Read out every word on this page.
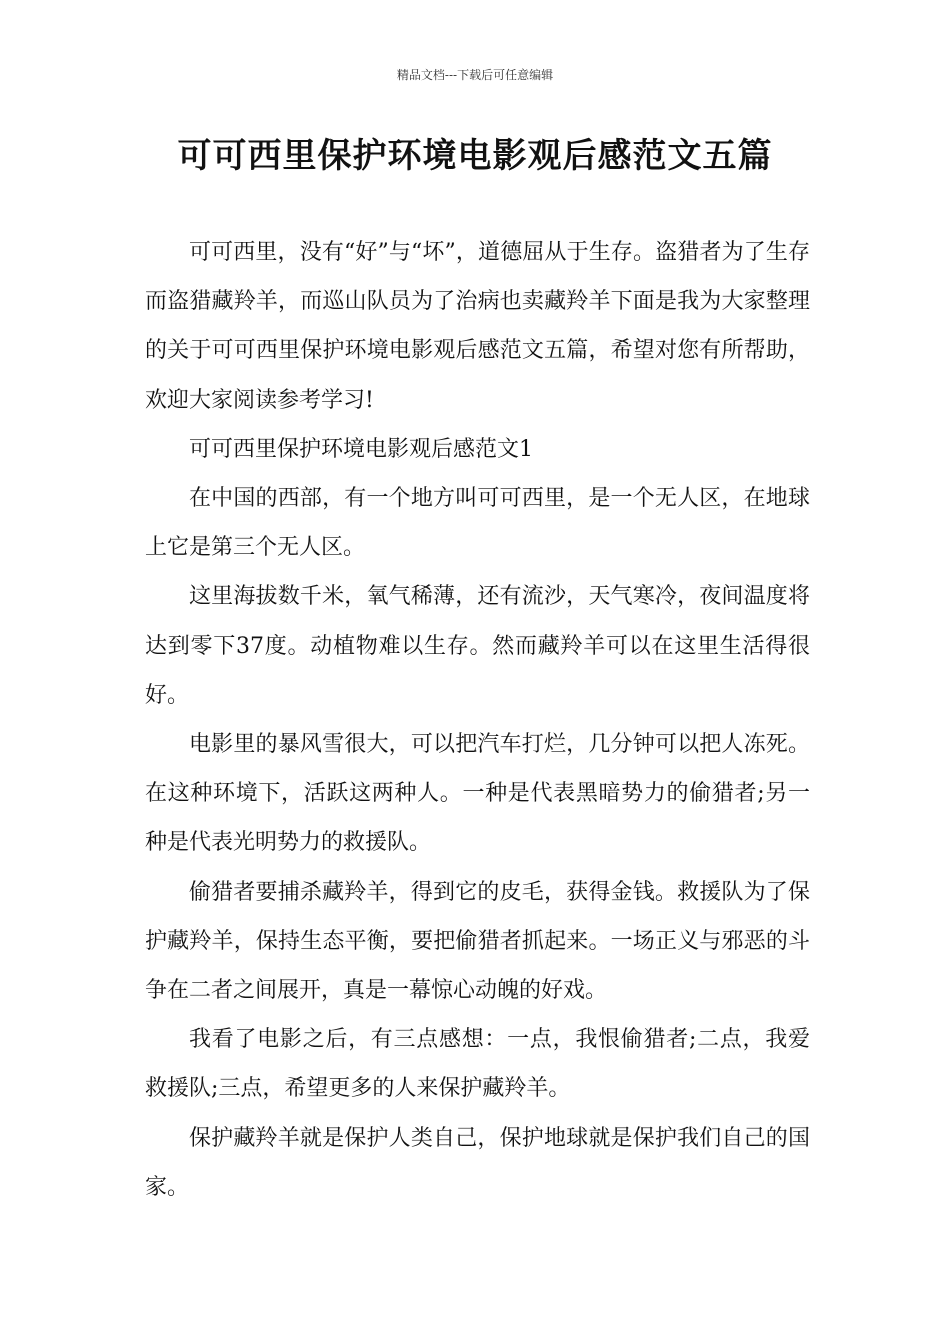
精品文档---下载后可任意编辑
可可西里保护环境电影观后感范文五篇

可可西里，没有“好”与“坏”，道德屈从于生存。盗猎者为了生存而盗猎藏羚羊，而巡山队员为了治病也卖藏羚羊下面是我为大家整理的关于可可西里保护环境电影观后感范文五篇，希望对您有所帮助，欢迎大家阅读参考学习!

可可西里保护环境电影观后感范文1

在中国的西部，有一个地方叫可可西里，是一个无人区，在地球上它是第三个无人区。

这里海拔数千米，氧气稀薄，还有流沙，天气寒冷，夜间温度将达到零下37度。动植物难以生存。然而藏羚羊可以在这里生活得很好。

电影里的暴风雪很大，可以把汽车打烂，几分钟可以把人冻死。在这种环境下，活跃这两种人。一种是代表黑暗势力的偷猎者;另一种是代表光明势力的救援队。

偷猎者要捕杀藏羚羊，得到它的皮毛，获得金钱。救援队为了保护藏羚羊，保持生态平衡，要把偷猎者抓起来。一场正义与邪恶的斗争在二者之间展开，真是一幕惊心动魄的好戏。

我看了电影之后，有三点感想：一点，我恨偷猎者;二点，我爱救援队;三点，希望更多的人来保护藏羚羊。

保护藏羚羊就是保护人类自己，保护地球就是保护我们自己的国家。
